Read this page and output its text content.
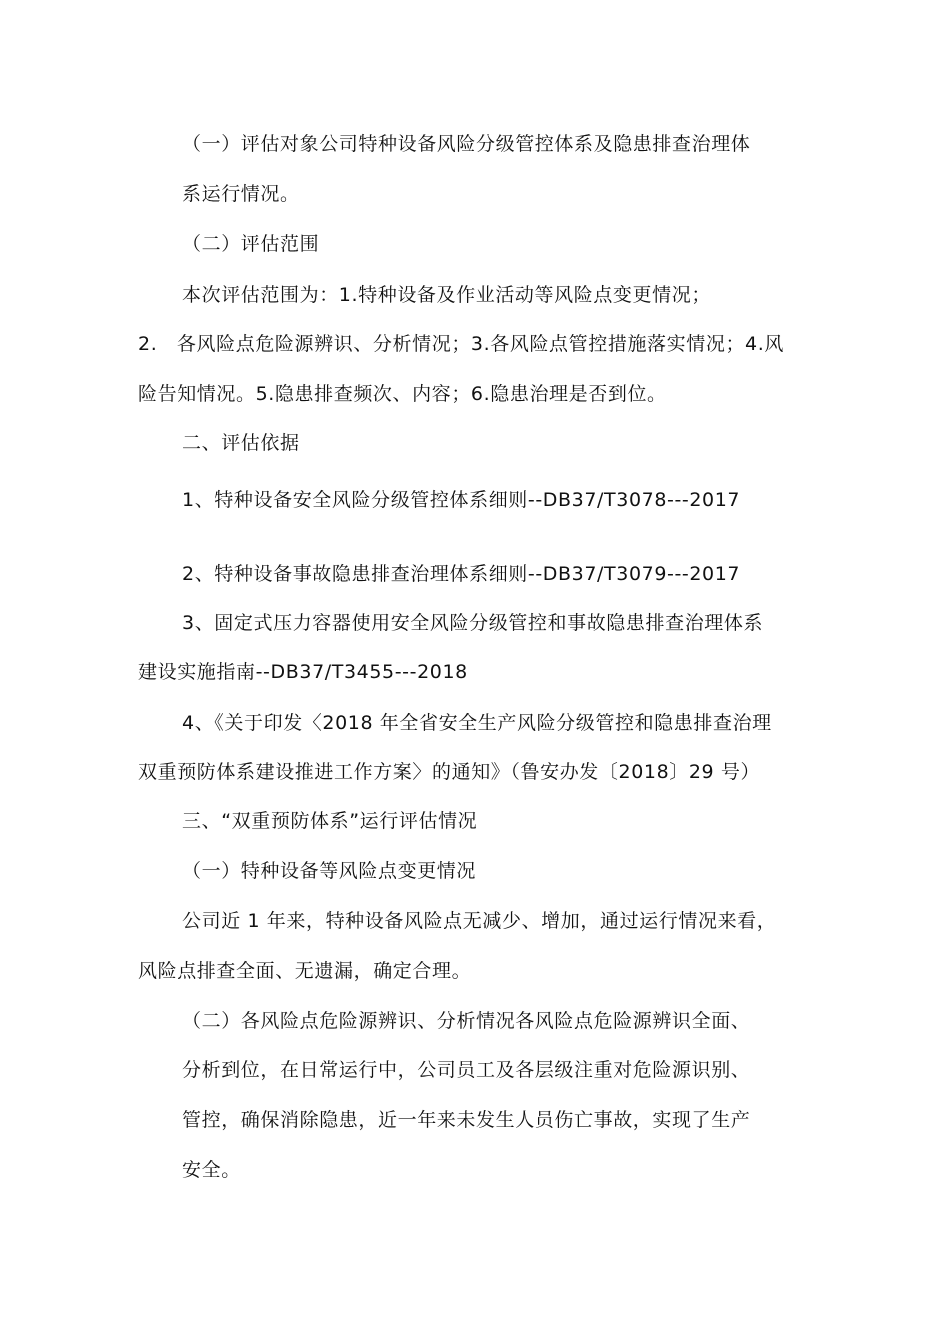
（一）评估对象公司特种设备风险分级管控体系及隐患排查治理体
系运行情况。
（二）评估范围
本次评估范围为：1.特种设备及作业活动等风险点变更情况；
2.　各风险点危险源辨识、分析情况；3.各风险点管控措施落实情况；4.风
险告知情况。5.隐患排查频次、内容；6.隐患治理是否到位。
二、评估依据
1、特种设备安全风险分级管控体系细则--DB37/T3078---2017
2、特种设备事故隐患排查治理体系细则--DB37/T3079---2017
3、固定式压力容器使用安全风险分级管控和事故隐患排查治理体系
建设实施指南--DB37/T3455---2018
4、《关于印发〈2018 年全省安全生产风险分级管控和隐患排查治理
双重预防体系建设推进工作方案〉的通知》（鲁安办发〔2018〕29 号）
三、“双重预防体系”运行评估情况
（一）特种设备等风险点变更情况
公司近 1 年来，特种设备风险点无减少、增加，通过运行情况来看，
风险点排查全面、无遗漏，确定合理。
（二）各风险点危险源辨识、分析情况各风险点危险源辨识全面、
分析到位，在日常运行中，公司员工及各层级注重对危险源识别、
管控，确保消除隐患，近一年来未发生人员伤亡事故，实现了生产
安全。
